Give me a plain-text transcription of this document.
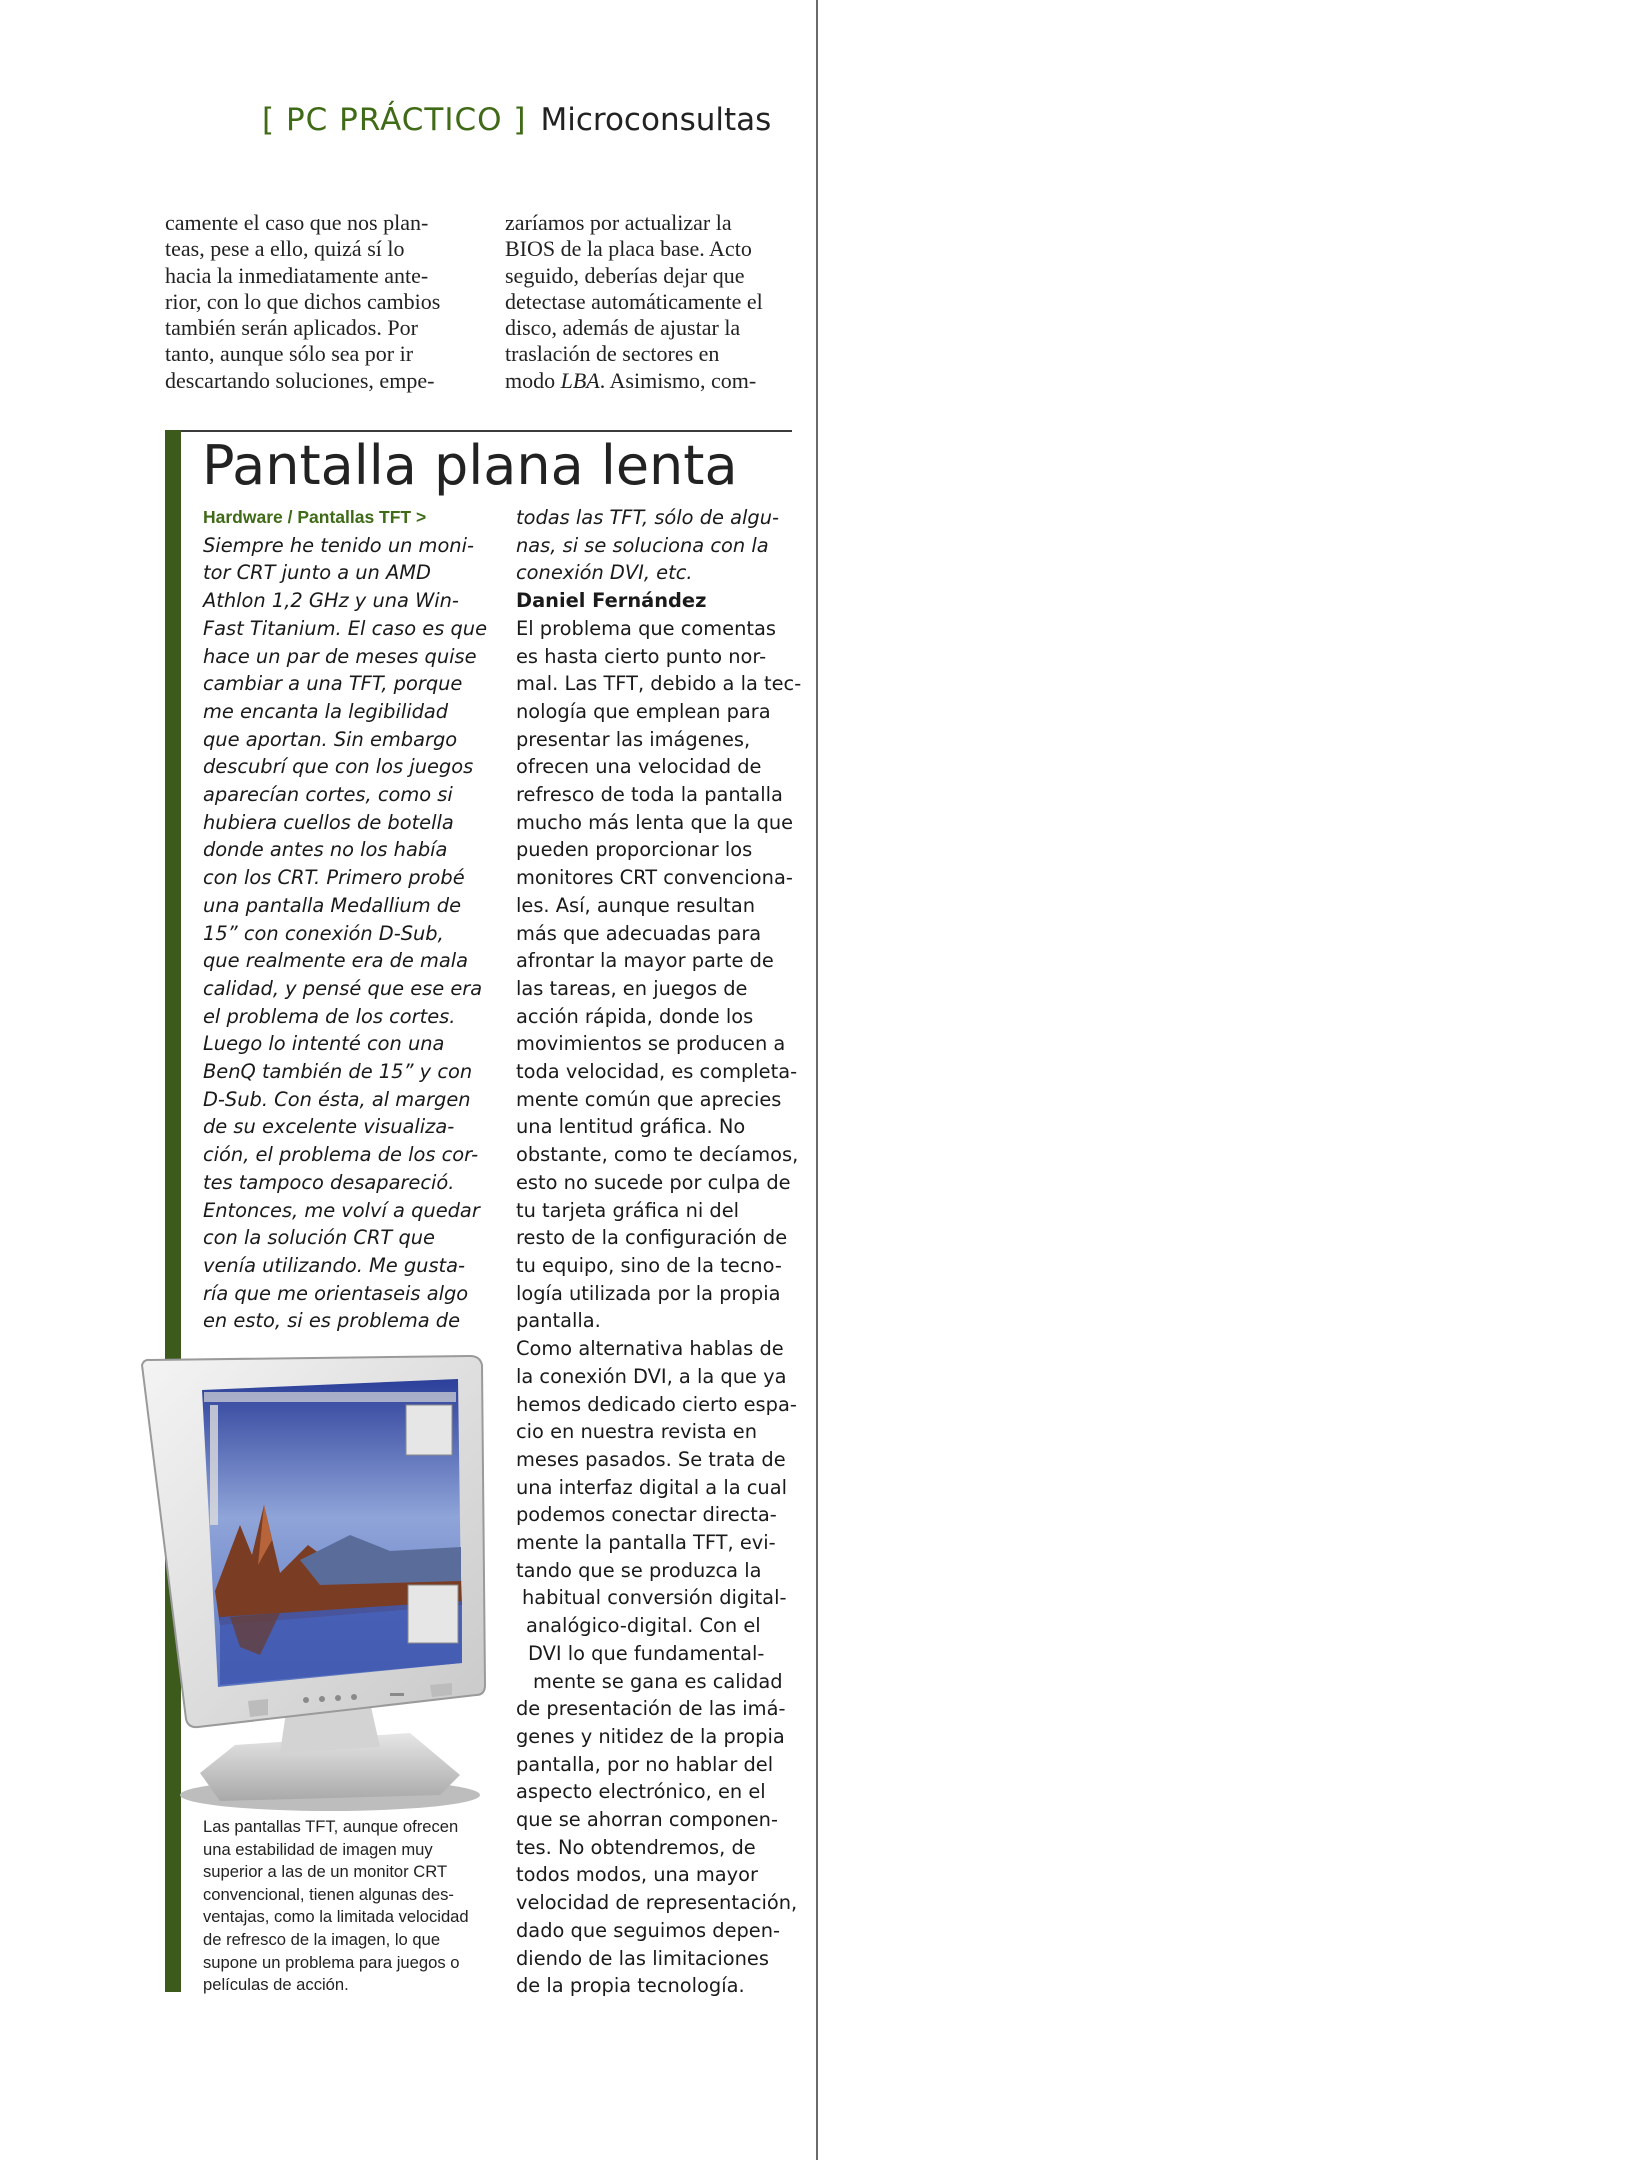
[ PC PRÁCTICO ] Microconsultas

camente el caso que nos plan-

teas, pese a ello, quizá sí lo

hacia la inmediatamente ante-

rior, con lo que dichos cambios

también serán aplicados. Por

tanto, aunque sólo sea por ir

descartando soluciones, empe-

zaríamos por actualizar la

BIOS de la placa base. Acto

seguido, deberías dejar que

detectase automáticamente el

disco, además de ajustar la

traslación de sectores en

modo LBA. Asimismo, com-

Pantalla plana lenta

Hardware / Pantallas TFT >

Siempre he tenido un moni-

tor CRT junto a un AMD

Athlon 1,2 GHz y una Win-

Fast Titanium. El caso es que

hace un par de meses quise

cambiar a una TFT, porque

me encanta la legibilidad

que aportan. Sin embargo

descubrí que con los juegos

aparecían cortes, como si

hubiera cuellos de botella

donde antes no los había

con los CRT. Primero probé

una pantalla Medallium de

15” con conexión D-Sub,

que realmente era de mala

calidad, y pensé que ese era

el problema de los cortes.

Luego lo intenté con una

BenQ también de 15” y con

D-Sub. Con ésta, al margen

de su excelente visualiza-

ción, el problema de los cor-

tes tampoco desapareció.

Entonces, me volví a quedar

con la solución CRT que

venía utilizando. Me gusta-

ría que me orientaseis algo

en esto, si es problema de

todas las TFT, sólo de algu-

nas, si se soluciona con la

conexión DVI, etc.

Daniel Fernández

El problema que comentas

es hasta cierto punto nor-

mal. Las TFT, debido a la tec-

nología que emplean para

presentar las imágenes,

ofrecen una velocidad de

refresco de toda la pantalla

mucho más lenta que la que

pueden proporcionar los

monitores CRT convenciona-

les. Así, aunque resultan

más que adecuadas para

afrontar la mayor parte de

las tareas, en juegos de

acción rápida, donde los

movimientos se producen a

toda velocidad, es completa-

mente común que aprecies

una lentitud gráfica. No

obstante, como te decíamos,

esto no sucede por culpa de

tu tarjeta gráfica ni del

resto de la configuración de

tu equipo, sino de la tecno-

logía utilizada por la propia

pantalla.

Como alternativa hablas de

la conexión DVI, a la que ya

hemos dedicado cierto espa-

cio en nuestra revista en

meses pasados. Se trata de

una interfaz digital a la cual

podemos conectar directa-

mente la pantalla TFT, evi-

tando que se produzca la

habitual conversión digital-

analógico-digital. Con el

DVI lo que fundamental-

mente se gana es calidad

de presentación de las imá-

genes y nitidez de la propia

pantalla, por no hablar del

aspecto electrónico, en el

que se ahorran componen-

tes. No obtendremos, de

todos modos, una mayor

velocidad de representación,

dado que seguimos depen-

diendo de las limitaciones

de la propia tecnología.

Las pantallas TFT, aunque ofrecen

una estabilidad de imagen muy

superior a las de un monitor CRT

convencional, tienen algunas des-

ventajas, como la limitada velocidad

de refresco de la imagen, lo que

supone un problema para juegos o

películas de acción.
